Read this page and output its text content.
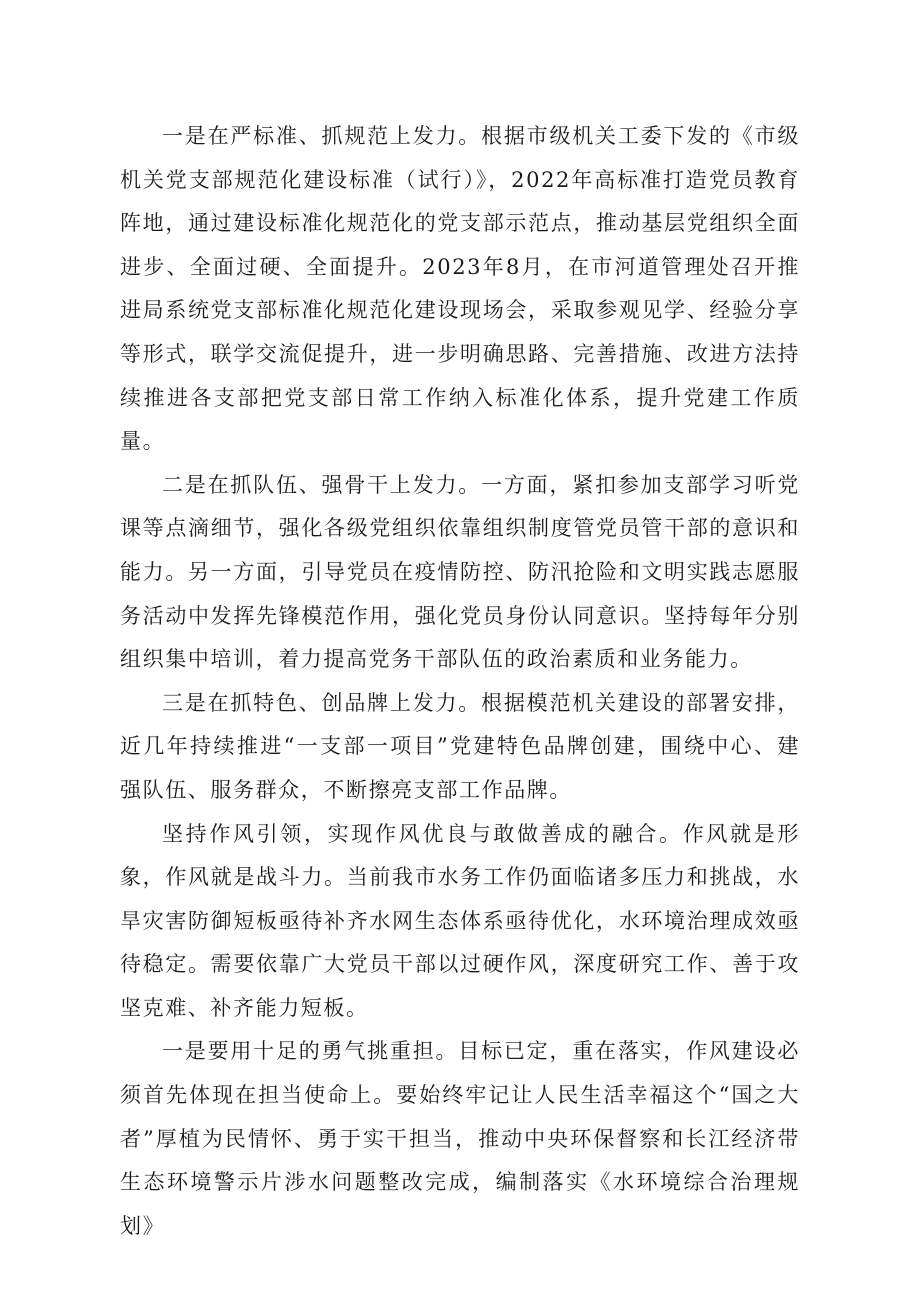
一是在严标准、抓规范上发力。根据市级机关工委下发的《市级机关党支部规范化建设标准（试行）》，2022年高标准打造党员教育阵地，通过建设标准化规范化的党支部示范点，推动基层党组织全面进步、全面过硬、全面提升。2023年8月，在市河道管理处召开推进局系统党支部标准化规范化建设现场会，采取参观见学、经验分享等形式，联学交流促提升，进一步明确思路、完善措施、改进方法持续推进各支部把党支部日常工作纳入标准化体系，提升党建工作质量。

二是在抓队伍、强骨干上发力。一方面，紧扣参加支部学习听党课等点滴细节，强化各级党组织依靠组织制度管党员管干部的意识和能力。另一方面，引导党员在疫情防控、防汛抢险和文明实践志愿服务活动中发挥先锋模范作用，强化党员身份认同意识。坚持每年分别组织集中培训，着力提高党务干部队伍的政治素质和业务能力。

三是在抓特色、创品牌上发力。根据模范机关建设的部署安排，近几年持续推进“一支部一项目”党建特色品牌创建，围绕中心、建强队伍、服务群众，不断擦亮支部工作品牌。

坚持作风引领，实现作风优良与敢做善成的融合。作风就是形象，作风就是战斗力。当前我市水务工作仍面临诸多压力和挑战，水旱灾害防御短板亟待补齐水网生态体系亟待优化，水环境治理成效亟待稳定。需要依靠广大党员干部以过硬作风，深度研究工作、善于攻坚克难、补齐能力短板。

一是要用十足的勇气挑重担。目标已定，重在落实，作风建设必须首先体现在担当使命上。要始终牢记让人民生活幸福这个“国之大者”厚植为民情怀、勇于实干担当，推动中央环保督察和长江经济带生态环境警示片涉水问题整改完成，编制落实《水环境综合治理规划》
